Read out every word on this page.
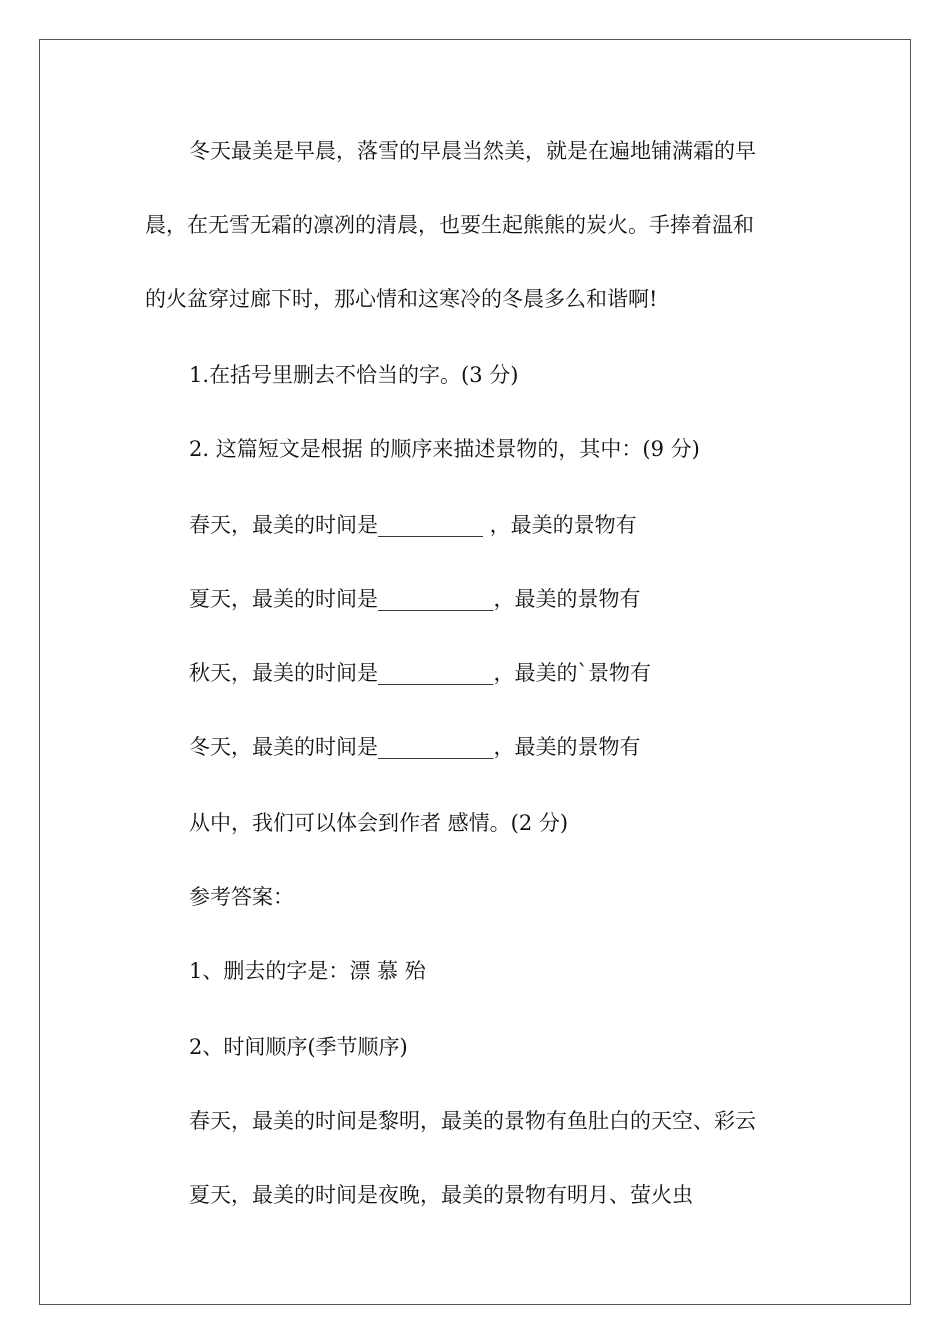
冬天最美是早晨，落雪的早晨当然美，就是在遍地铺满霜的早
晨，在无雪无霜的凛冽的清晨，也要生起熊熊的炭火。手捧着温和
的火盆穿过廊下时，那心情和这寒冷的冬晨多么和谐啊!
1.在括号里删去不恰当的字。(3 分)
2. 这篇短文是根据 的顺序来描述景物的，其中：(9 分)
春天，最美的时间是__________ ，最美的景物有
夏天，最美的时间是___________，最美的景物有
秋天，最美的时间是___________，最美的`景物有
冬天，最美的时间是___________，最美的景物有
从中，我们可以体会到作者 感情。(2 分)
参考答案：
1、删去的字是：漂 慕 殆
2、时间顺序(季节顺序)
春天，最美的时间是黎明，最美的景物有鱼肚白的天空、彩云
夏天，最美的时间是夜晚，最美的景物有明月、萤火虫
